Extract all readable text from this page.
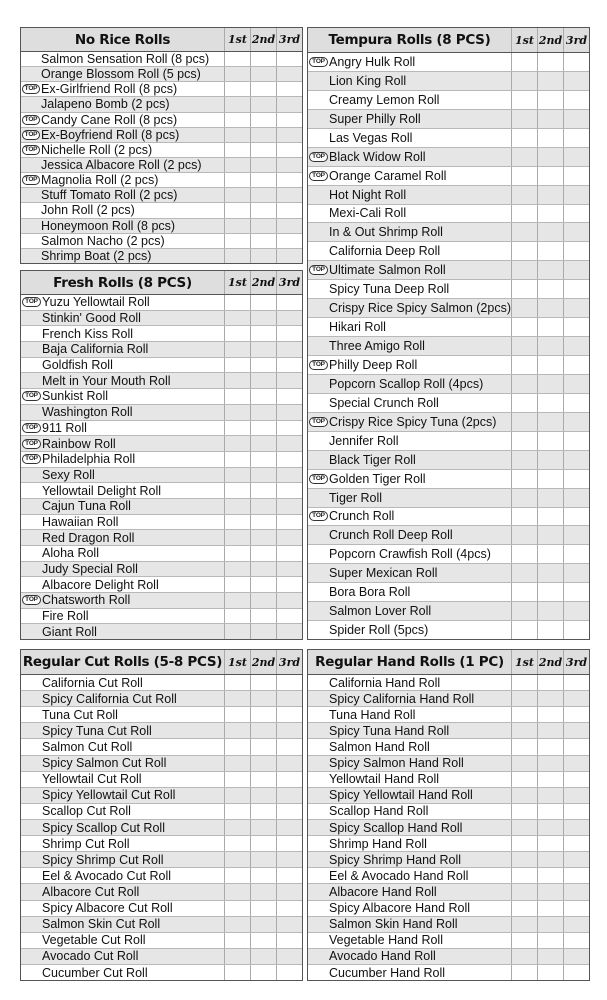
No Rice Rolls	1st 2nd 3rd
Salmon Sensation Roll (8 pcs)
Orange Blossom Roll (5 pcs)
TOP Ex-Girlfriend Roll (8 pcs)
Jalapeno Bomb (2 pcs)
TOP Candy Cane Roll (8 pcs)
TOP Ex-Boyfriend Roll (8 pcs)
TOP Nichelle Roll (2 pcs)
Jessica Albacore Roll (2 pcs)
TOP Magnolia Roll (2 pcs)
Stuff Tomato Roll (2 pcs)
John Roll (2 pcs)
Honeymoon Roll (8 pcs)
Salmon Nacho (2 pcs)
Shrimp Boat (2 pcs)
Fresh Rolls (8 PCS)	1st 2nd 3rd
TOP Yuzu Yellowtail Roll
Stinkin' Good Roll
French Kiss Roll
Baja California Roll
Goldfish Roll
Melt in Your Mouth Roll
TOP Sunkist Roll
Washington Roll
TOP 911 Roll
TOP Rainbow Roll
TOP Philadelphia Roll
Sexy Roll
Yellowtail Delight Roll
Cajun Tuna Roll
Hawaiian Roll
Red Dragon Roll
Aloha Roll
Judy Special Roll
Albacore Delight Roll
TOP Chatsworth Roll
Fire Roll
Giant Roll
Tempura Rolls (8 PCS)	1st 2nd 3rd
TOP Angry Hulk Roll
Lion King Roll
Creamy Lemon Roll
Super Philly Roll
Las Vegas Roll
TOP Black Widow Roll
TOP Orange Caramel Roll
Hot Night Roll
Mexi-Cali Roll
In & Out Shrimp Roll
California Deep Roll
TOP Ultimate Salmon Roll
Spicy Tuna Deep Roll
Crispy Rice Spicy Salmon (2pcs)
Hikari Roll
Three Amigo Roll
TOP Philly Deep Roll
Popcorn Scallop Roll (4pcs)
Special Crunch Roll
TOP Crispy Rice Spicy Tuna (2pcs)
Jennifer Roll
Black Tiger Roll
TOP Golden Tiger Roll
Tiger Roll
TOP Crunch Roll
Crunch Roll Deep Roll
Popcorn Crawfish Roll (4pcs)
Super Mexican Roll
Bora Bora Roll
Salmon Lover Roll
Spider Roll (5pcs)
Regular Cut Rolls (5-8 PCS) 1st 2nd 3rd
California Cut Roll
Spicy California Cut Roll
Tuna Cut Roll
Spicy Tuna Cut Roll
Salmon Cut Roll
Spicy Salmon Cut Roll
Yellowtail Cut Roll
Spicy Yellowtail Cut Roll
Scallop Cut Roll
Spicy Scallop Cut Roll
Shrimp Cut Roll
Spicy Shrimp Cut Roll
Eel & Avocado Cut Roll
Albacore Cut Roll
Spicy Albacore Cut Roll
Salmon Skin Cut Roll
Vegetable Cut Roll
Avocado Cut Roll
Cucumber Cut Roll
Regular Hand Rolls (1 PC)	1st 2nd 3rd
California Hand Roll
Spicy California Hand Roll
Tuna Hand Roll
Spicy Tuna Hand Roll
Salmon Hand Roll
Spicy Salmon Hand Roll
Yellowtail Hand Roll
Spicy Yellowtail Hand Roll
Scallop Hand Roll
Spicy Scallop Hand Roll
Shrimp Hand Roll
Spicy Shrimp Hand Roll
Eel & Avocado Hand Roll
Albacore Hand Roll
Spicy Albacore Hand Roll
Salmon Skin Hand Roll
Vegetable Hand Roll
Avocado Hand Roll
Cucumber Hand Roll
